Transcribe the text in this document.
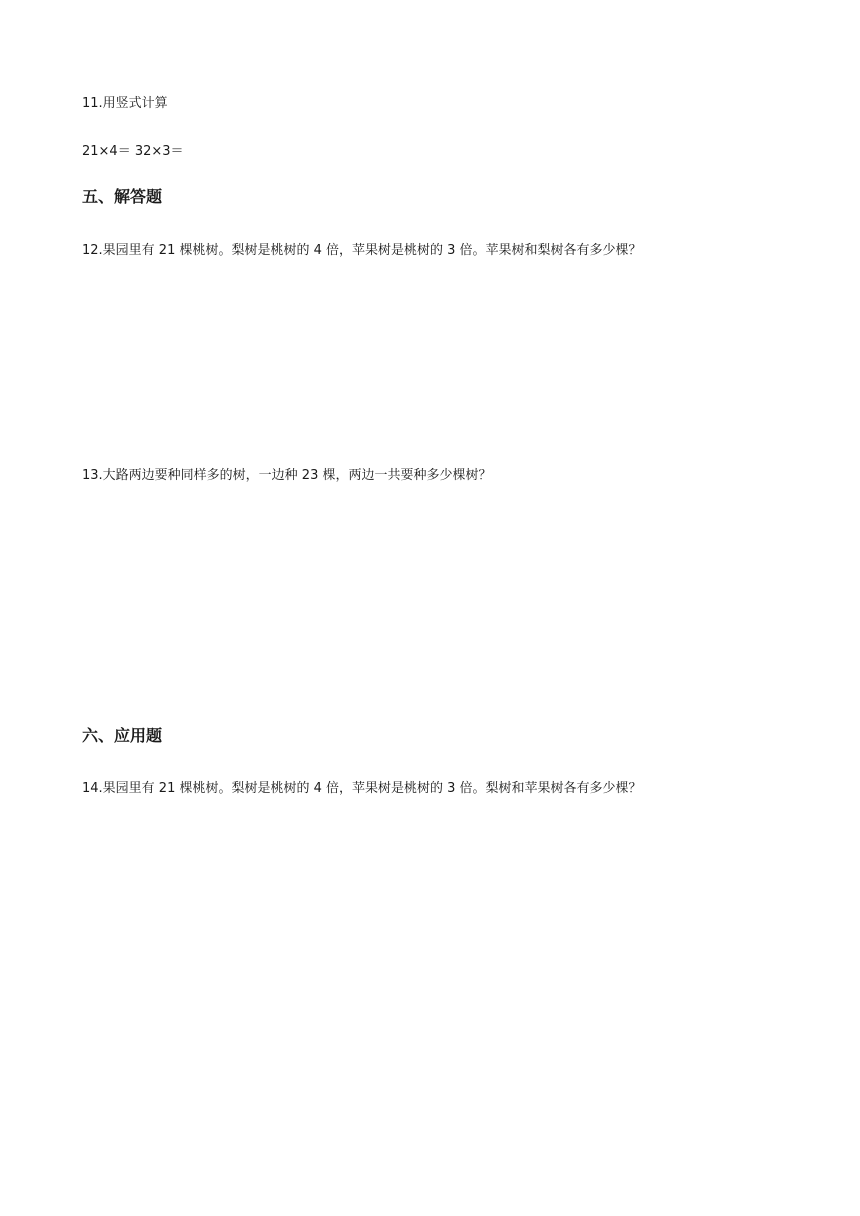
11.用竖式计算
21×4＝ 32×3＝
五、解答题
12.果园里有 21 棵桃树。梨树是桃树的 4 倍，苹果树是桃树的 3 倍。苹果树和梨树各有多少棵？
13.大路两边要种同样多的树，一边种 23 棵，两边一共要种多少棵树？
六、应用题
14.果园里有 21 棵桃树。梨树是桃树的 4 倍，苹果树是桃树的 3 倍。梨树和苹果树各有多少棵？
